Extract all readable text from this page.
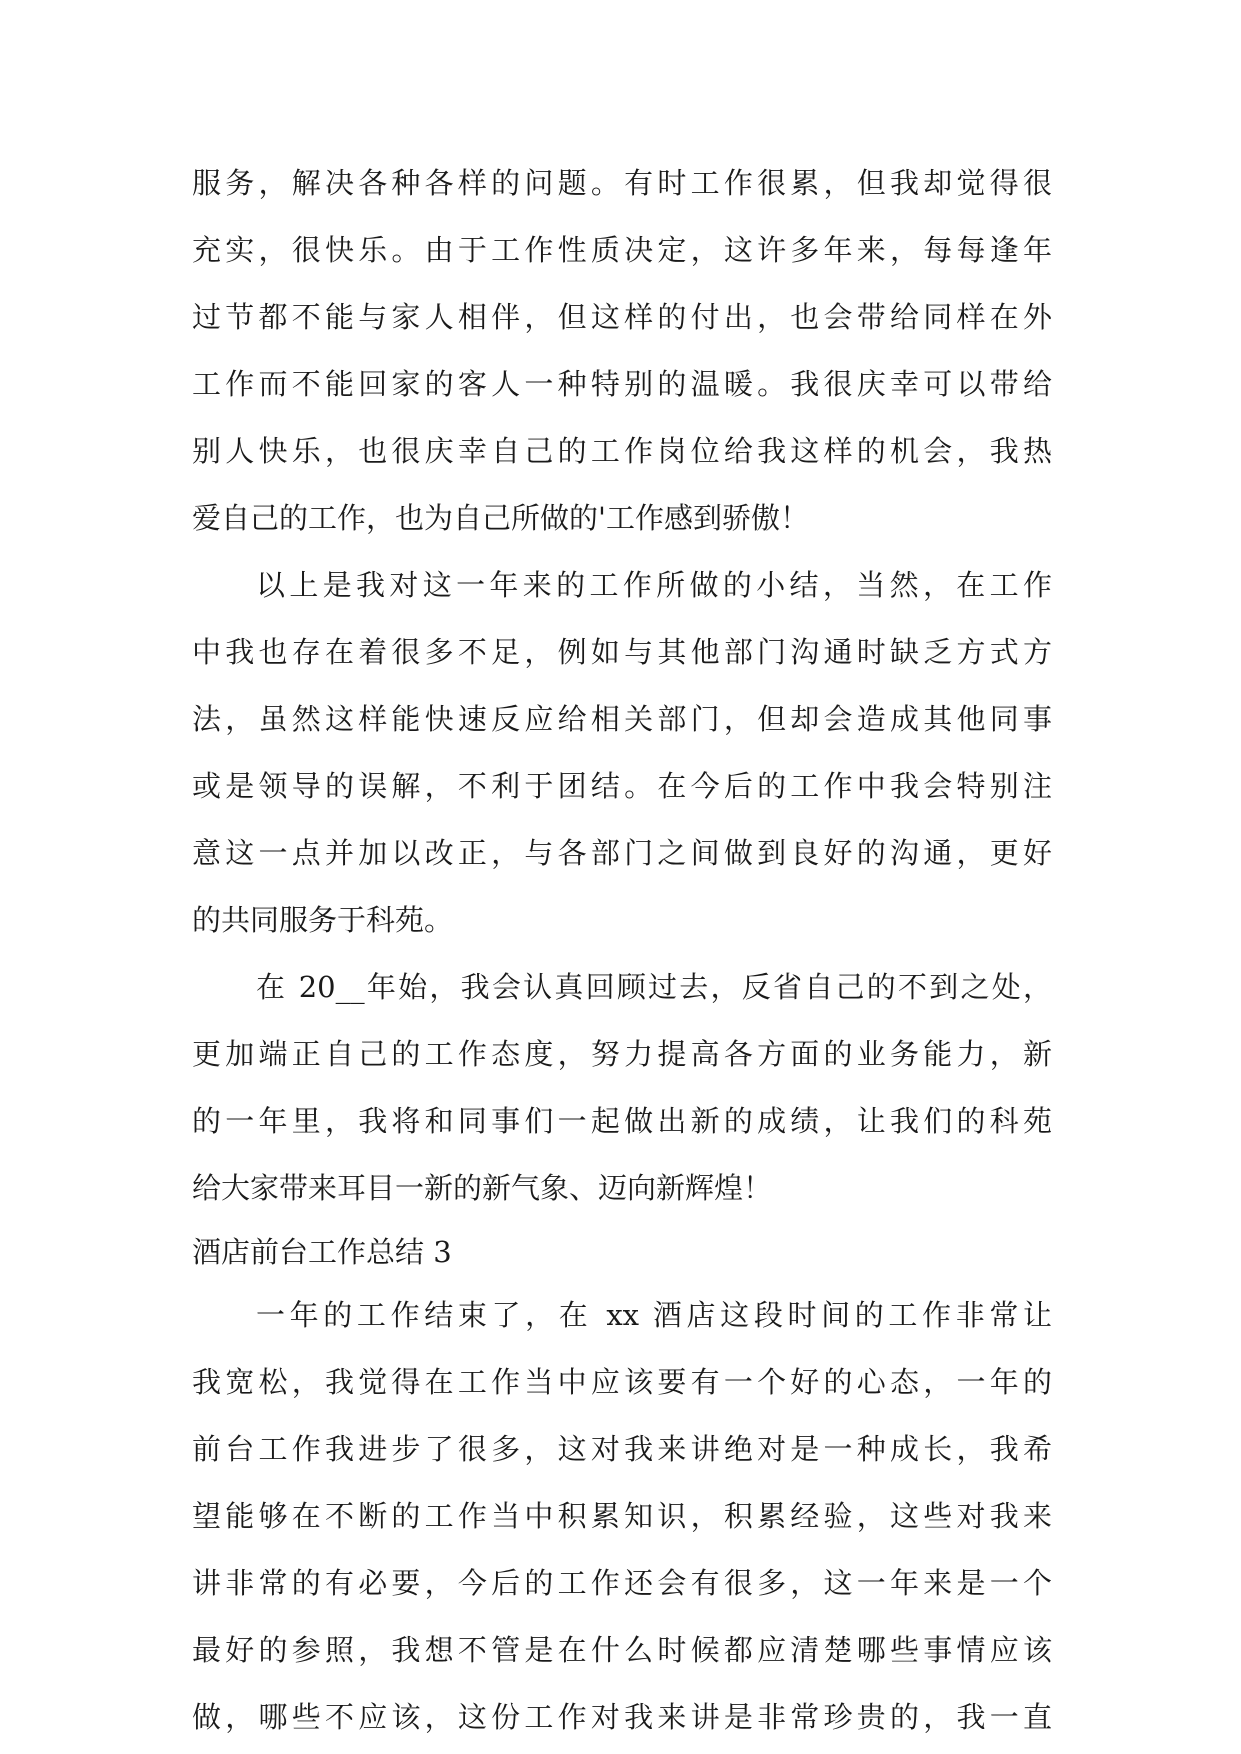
服务，解决各种各样的问题。有时工作很累，但我却觉得很
充实，很快乐。由于工作性质决定，这许多年来，每每逢年
过节都不能与家人相伴，但这样的付出，也会带给同样在外
工作而不能回家的客人一种特别的温暖。我很庆幸可以带给
别人快乐，也很庆幸自己的工作岗位给我这样的机会，我热
爱自己的工作，也为自己所做的'工作感到骄傲！
以上是我对这一年来的工作所做的小结，当然，在工作
中我也存在着很多不足，例如与其他部门沟通时缺乏方式方
法，虽然这样能快速反应给相关部门，但却会造成其他同事
或是领导的误解，不利于团结。在今后的工作中我会特别注
意这一点并加以改正，与各部门之间做到良好的沟通，更好
的共同服务于科苑。
在 20__年始，我会认真回顾过去，反省自己的不到之处，
更加端正自己的工作态度，努力提高各方面的业务能力，新
的一年里，我将和同事们一起做出新的成绩，让我们的科苑
给大家带来耳目一新的新气象、迈向新辉煌！
酒店前台工作总结 3
一年的工作结束了，在 xx 酒店这段时间的工作非常让
我宽松，我觉得在工作当中应该要有一个好的心态，一年的
前台工作我进步了很多，这对我来讲绝对是一种成长，我希
望能够在不断的工作当中积累知识，积累经验，这些对我来
讲非常的有必要，今后的工作还会有很多，这一年来是一个
最好的参照，我想不管是在什么时候都应清楚哪些事情应该
做，哪些不应该，这份工作对我来讲是非常珍贵的，我一直
